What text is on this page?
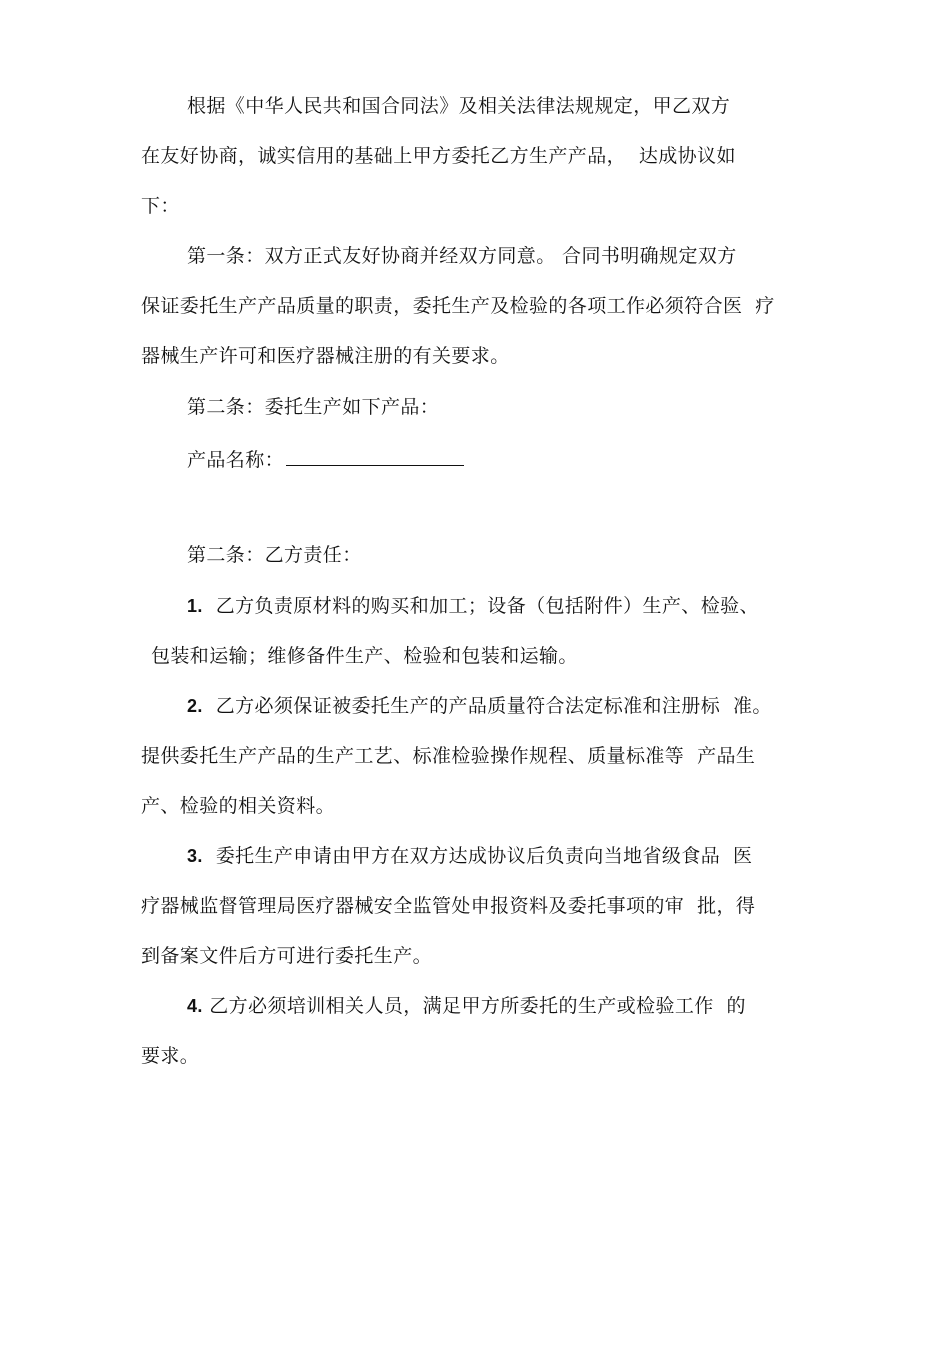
根据《中华人民共和国合同法》及相关法律法规规定，甲乙双方
在友好协商，诚实信用的基础上甲方委托乙方生产产品，  达成协议如
下：
第一条：双方正式友好协商并经双方同意。 合同书明确规定双方
保证委托生产产品质量的职责，委托生产及检验的各项工作必须符合医  疗
器械生产许可和医疗器械注册的有关要求。
第二条：委托生产如下产品：
产品名称：
第二条：乙方责任：
1.  乙方负责原材料的购买和加工；设备（包括附件）生产、检验、
包装和运输；维修备件生产、检验和包装和运输。
2.  乙方必须保证被委托生产的产品质量符合法定标准和注册标  准。
提供委托生产产品的生产工艺、标准检验操作规程、质量标准等  产品生
产、检验的相关资料。
3.  委托生产申请由甲方在双方达成协议后负责向当地省级食品  医
疗器械监督管理局医疗器械安全监管处申报资料及委托事项的审  批，得
到备案文件后方可进行委托生产。
4. 乙方必须培训相关人员，满足甲方所委托的生产或检验工作  的
要求。
